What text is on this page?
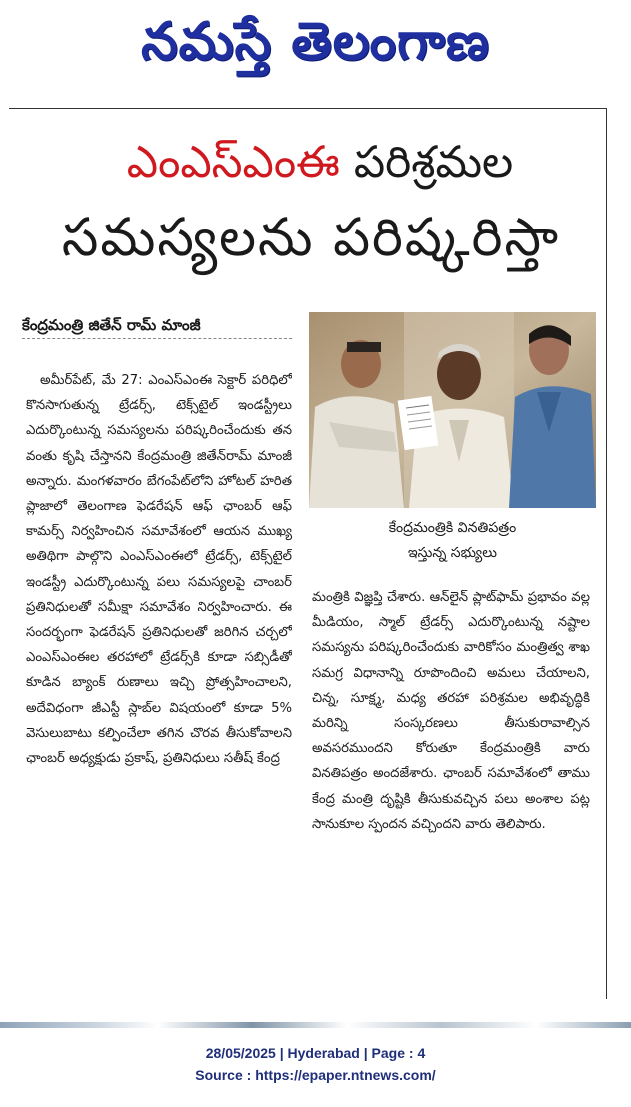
నమస్తే తెలంగాణ
ఎంఎస్ఎంఈ పరిశ్రమల
సమస్యలను పరిష్కరిస్తా
కేంద్రమంత్రి జితేన్ రామ్ మాంజీ
అమీర్‌పేట్, మే 27: ఎంఎస్ఎంఈ సెక్టార్ పరిధిలో కొనసాగుతున్న ట్రేడర్స్, టెక్స్‌టైల్ ఇండస్ట్రీలు ఎదుర్కొంటున్న సమస్యలను పరిష్కరించేందుకు తన వంతు కృషి చేస్తానని కేంద్రమంత్రి జితేన్‌రామ్ మాంజీ అన్నారు. మంగళవారం బేగంపేట్‌లోని హోటల్ హరిత ప్లాజాలో తెలంగాణ ఫెడరేషన్ ఆఫ్ ఛాంబర్ ఆఫ్ కామర్స్ నిర్వహించిన సమావేశంలో ఆయన ముఖ్య అతిథిగా పాల్గొని ఎంఎస్ఎంఈలో ట్రేడర్స్, టెక్స్‌టైల్ ఇండస్ట్రీ ఎదుర్కొంటున్న పలు సమస్యలపై చాంబర్ ప్రతినిధులతో సమీక్షా సమావేశం నిర్వహించారు. ఈ సందర్భంగా ఫెడరేషన్ ప్రతినిధులతో జరిగిన చర్చలో ఎంఎస్ఎంఈల తరహాలో ట్రేడర్స్‌కి కూడా సబ్సిడీతో కూడిన బ్యాంక్ రుణాలు ఇచ్చి ప్రోత్సహించాలని, అదేవిధంగా జీఎస్టీ స్లాబ్‌ల విషయంలో కూడా 5% వెసులుబాటు కల్పించేలా తగిన చొరవ తీసుకోవాలని ఛాంబర్ అధ్యక్షుడు ప్రకాష్, ప్రతినిధులు సతీష్ కేంద్ర
కేంద్రమంత్రికి వినతిపత్రం
ఇస్తున్న సభ్యులు
మంత్రికి విజ్ఞప్తి చేశారు. ఆన్‌లైన్ ప్లాట్‌ఫామ్ ప్రభావం వల్ల మీడియం, స్మాల్ ట్రేడర్స్ ఎదుర్కొంటున్న నష్టాల సమస్యను పరిష్కరించేందుకు వారికోసం మంత్రిత్వ శాఖ సమగ్ర విధానాన్ని రూపొందించి అమలు చేయాలని, చిన్న, సూక్ష్మ, మధ్య తరహా పరిశ్రమల అభివృద్ధికి మరిన్ని సంస్కరణలు తీసుకురావాల్సిన అవసరముందని కోరుతూ కేంద్రమంత్రికి వారు వినతిపత్రం అందజేశారు. ఛాంబర్ సమావేశంలో తాము కేంద్ర మంత్రి దృష్టికి తీసుకువచ్చిన పలు అంశాల పట్ల సానుకూల స్పందన వచ్చిందని వారు తెలిపారు.
28/05/2025 | Hyderabad | Page : 4
Source : https://epaper.ntnews.com/
